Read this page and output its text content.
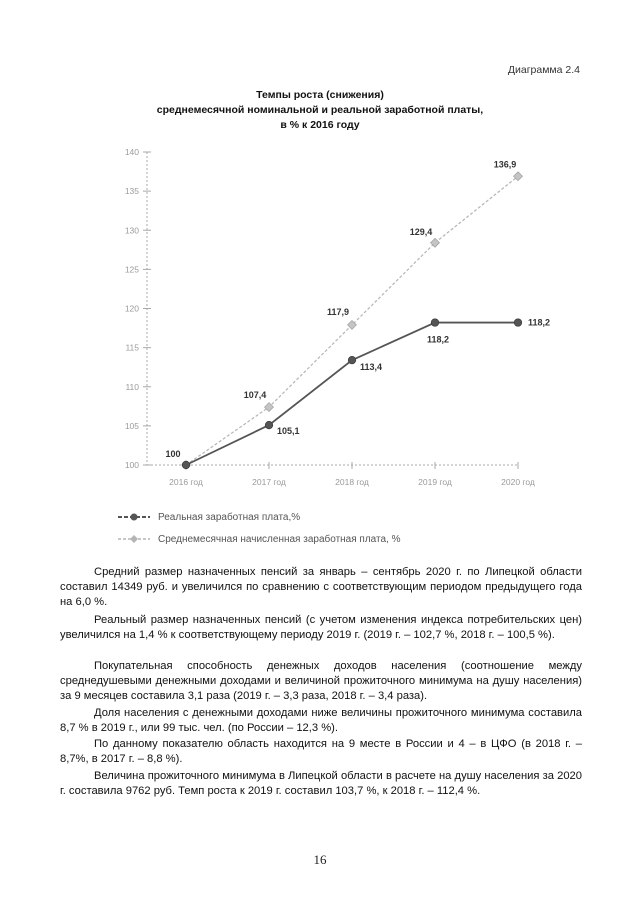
Диаграмма 2.4
Темпы роста (снижения)
среднемесячной номинальной и реальной заработной платы,
в % к 2016 году
100
105
110
115
120
125
130
135
140
2016 год	2017 год	2018 год	2019 год	2020 год
100
105,1
113,4
118,2
118,2
107,4
117,9
129,4
136,9
Реальная заработная плата,%
Среднемесячная начисленная заработная плата, %

Средний размер назначенных пенсий за январь – сентябрь 2020 г. по Липецкой области составил 14349 руб. и увеличился по сравнению с соответствующим периодом предыдущего года на 6,0 %.

Реальный размер назначенных пенсий (с учетом изменения индекса потребительских цен) увеличился на 1,4 % к соответствующему периоду 2019 г. (2019 г. – 102,7 %, 2018 г. – 100,5 %).

Покупательная способность денежных доходов населения (соотношение между среднедушевыми денежными доходами и величиной прожиточного минимума на душу населения) за 9 месяцев составила 3,1 раза (2019 г. – 3,3 раза, 2018 г. – 3,4 раза).

Доля населения с денежными доходами ниже величины прожиточного минимума составила 8,7 % в 2019 г., или 99 тыс. чел. (по России – 12,3 %).

По данному показателю область находится на 9 месте в России и 4 – в ЦФО (в 2018 г. – 8,7%, в 2017 г. – 8,8 %).

Величина прожиточного минимума в Липецкой области в расчете на душу населения за 2020 г. составила 9762 руб. Темп роста к 2019 г. составил 103,7 %, к 2018 г. – 112,4 %.

16
